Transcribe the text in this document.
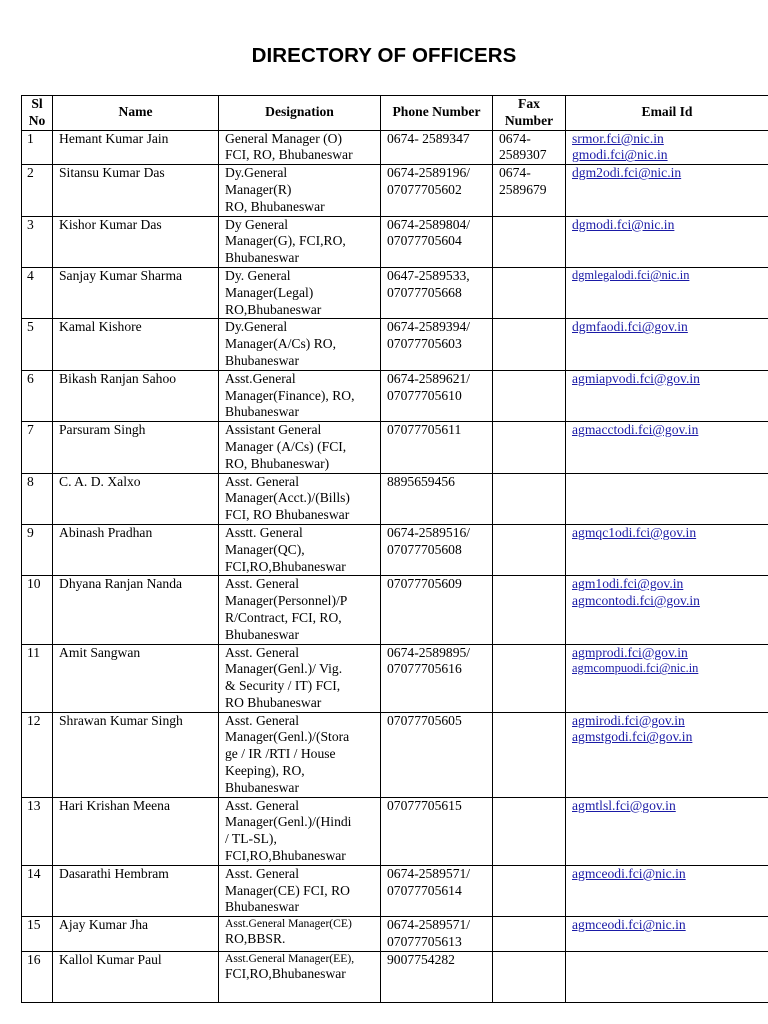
DIRECTORY OF OFFICERS
Sl No	Name	Designation	Phone Number	Fax Number	Email Id
1	Hemant Kumar Jain	General Manager (O)
FCI, RO, Bhubaneswar	0674- 2589347	0674-
2589307	srmor.fci@nic.in
gmodi.fci@nic.in

2	Sitansu Kumar Das	Dy.General
Manager(R)
RO, Bhubaneswar	0674-2589196/
07077705602	0674-
2589679	dgm2odi.fci@nic.in

3	Kishor Kumar Das	Dy General
Manager(G), FCI,RO,
Bhubaneswar	0674-2589804/
07077705604		dgmodi.fci@nic.in

4	Sanjay Kumar Sharma	Dy. General
Manager(Legal)
RO,Bhubaneswar	0647-2589533,
07077705668		dgmlegalodi.fci@nic.in

5	Kamal Kishore	Dy.General
Manager(A/Cs) RO,
Bhubaneswar	0674-2589394/
07077705603		dgmfaodi.fci@gov.in

6	Bikash Ranjan Sahoo	Asst.General
Manager(Finance), RO,
Bhubaneswar	0674-2589621/
07077705610		agmiapvodi.fci@gov.in

7	Parsuram Singh	Assistant General
Manager (A/Cs) (FCI,
RO, Bhubaneswar)	07077705611		agmacctodi.fci@gov.in

8	C. A. D. Xalxo	Asst. General
Manager(Acct.)/(Bills)
FCI, RO Bhubaneswar	8895659456		

9	Abinash Pradhan	Asstt. General
Manager(QC),
FCI,RO,Bhubaneswar	0674-2589516/
07077705608		agmqc1odi.fci@gov.in

10	Dhyana Ranjan Nanda	Asst. General
Manager(Personnel)/P
R/Contract, FCI, RO,
Bhubaneswar	07077705609		agm1odi.fci@gov.in
agmcontodi.fci@gov.in

11	Amit Sangwan	Asst. General
Manager(Genl.)/ Vig.
& Security / IT) FCI,
RO Bhubaneswar	0674-2589895/
07077705616		agmprodi.fci@gov.in
agmcompuodi.fci@nic.in

12	Shrawan Kumar Singh	Asst. General
Manager(Genl.)/(Stora
ge / IR /RTI / House
Keeping), RO,
Bhubaneswar	07077705605		agmirodi.fci@gov.in
agmstgodi.fci@gov.in

13	Hari Krishan Meena	Asst. General
Manager(Genl.)/(Hindi
/ TL-SL),
FCI,RO,Bhubaneswar	07077705615		agmtlsl.fci@gov.in

14	Dasarathi Hembram	Asst. General
Manager(CE) FCI, RO
Bhubaneswar	0674-2589571/
07077705614		agmceodi.fci@nic.in

15	Ajay Kumar Jha	Asst.General Manager(CE)
RO,BBSR.	0674-2589571/
07077705613		agmceodi.fci@nic.in

16	Kallol Kumar Paul	Asst.General Manager(EE),
FCI,RO,Bhubaneswar	9007754282		
